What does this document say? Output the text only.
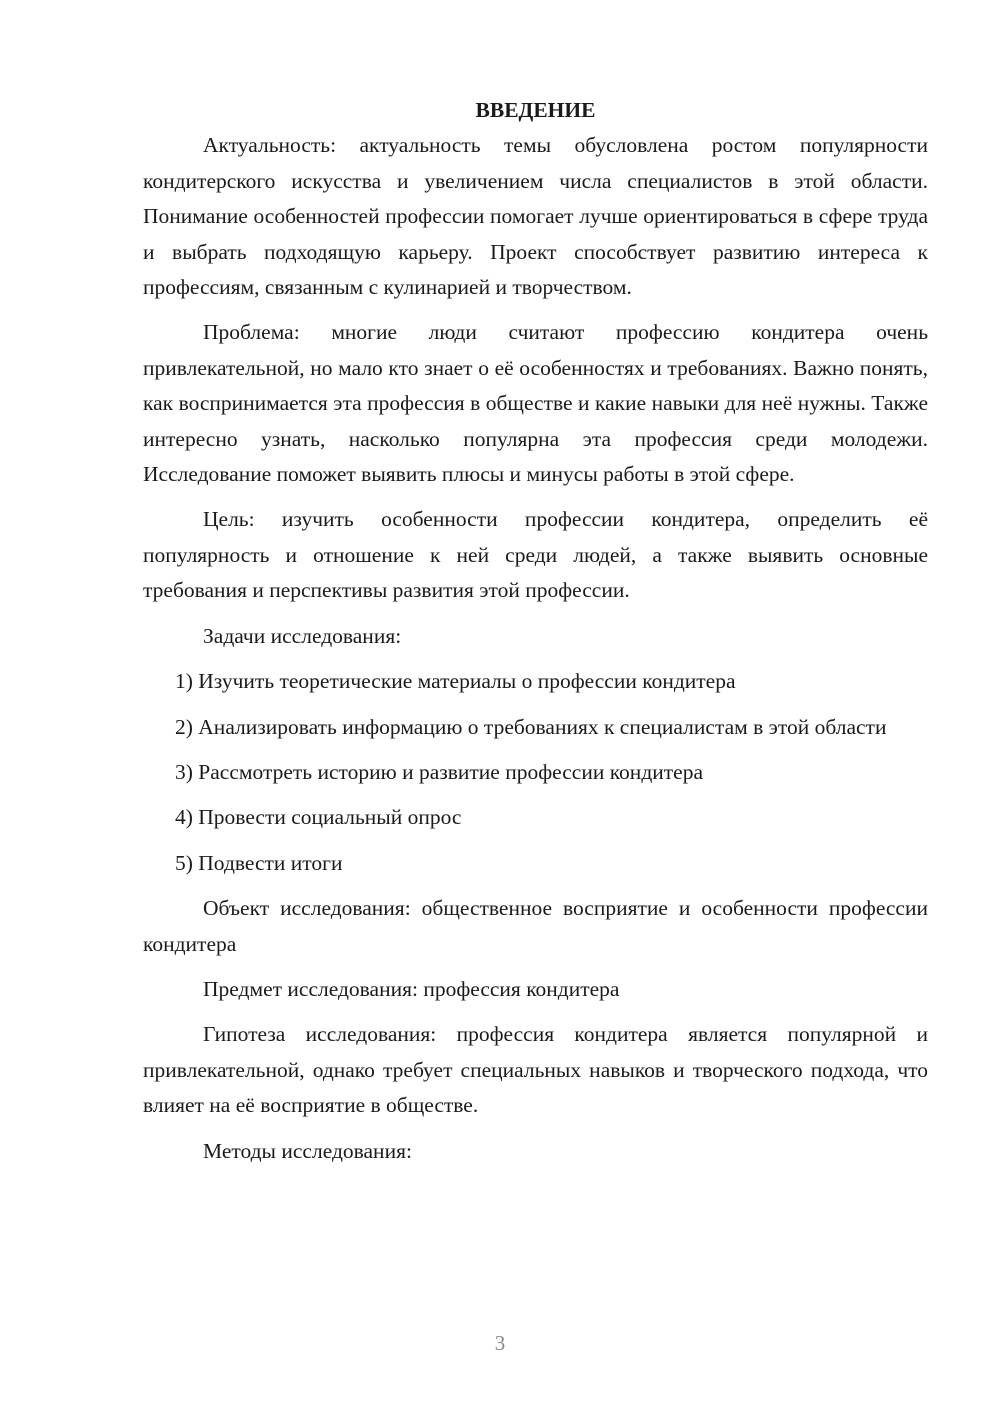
ВВЕДЕНИЕ

Актуальность: актуальность темы обусловлена ростом популярности кондитерского искусства и увеличением числа специалистов в этой области. Понимание особенностей профессии помогает лучше ориентироваться в сфере труда и выбрать подходящую карьеру. Проект способствует развитию интереса к профессиям, связанным с кулинарией и творчеством.

Проблема: многие люди считают профессию кондитера очень привлекательной, но мало кто знает о её особенностях и требованиях. Важно понять, как воспринимается эта профессия в обществе и какие навыки для неё нужны. Также интересно узнать, насколько популярна эта профессия среди молодежи. Исследование поможет выявить плюсы и минусы работы в этой сфере.

Цель: изучить особенности профессии кондитера, определить её популярность и отношение к ней среди людей, а также выявить основные требования и перспективы развития этой профессии.

Задачи исследования:

1) Изучить теоретические материалы о профессии кондитера

2) Анализировать информацию о требованиях к специалистам в этой области

3) Рассмотреть историю и развитие профессии кондитера

4) Провести социальный опрос

5) Подвести итоги

Объект исследования: общественное восприятие и особенности профессии кондитера

Предмет исследования: профессия кондитера

Гипотеза исследования: профессия кондитера является популярной и привлекательной, однако требует специальных навыков и творческого подхода, что влияет на её восприятие в обществе.

Методы исследования:

3
